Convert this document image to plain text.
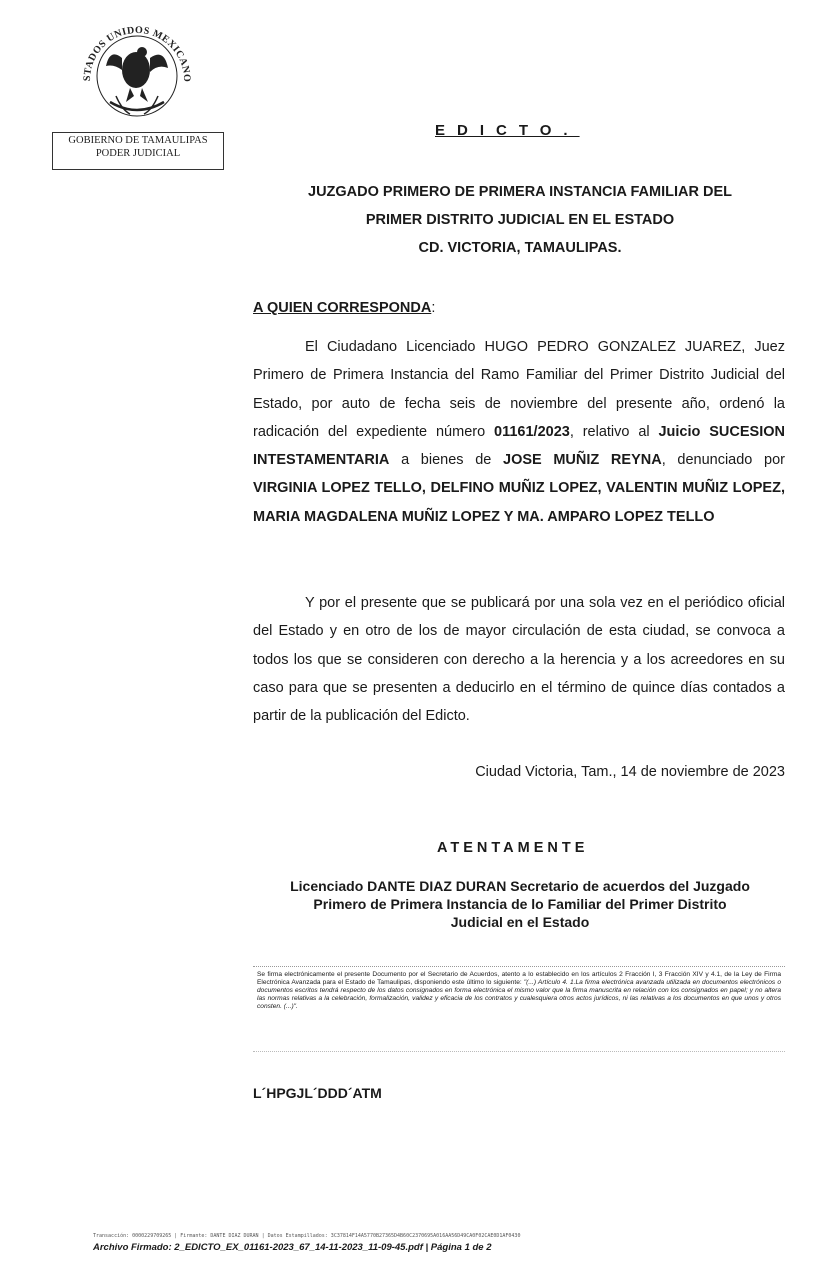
STADOS UNIDOS MEXICANO
GOBIERNO DE TAMAULIPAS
PODER JUDICIAL
EDICTO.
JUZGADO PRIMERO DE PRIMERA INSTANCIA FAMILIAR DEL
PRIMER DISTRITO JUDICIAL EN EL ESTADO
CD. VICTORIA, TAMAULIPAS.
A QUIEN CORRESPONDA:
El Ciudadano Licenciado HUGO PEDRO GONZALEZ JUAREZ, Juez Primero de Primera Instancia del Ramo Familiar del Primer Distrito Judicial del Estado, por auto de fecha seis de noviembre del presente año, ordenó la radicación del expediente número 01161/2023, relativo al Juicio SUCESION INTESTAMENTARIA a bienes de JOSE MUÑIZ REYNA, denunciado por VIRGINIA LOPEZ TELLO, DELFINO MUÑIZ LOPEZ, VALENTIN MUÑIZ LOPEZ, MARIA MAGDALENA MUÑIZ LOPEZ Y MA. AMPARO LOPEZ TELLO
Y por el presente que se publicará por una sola vez en el periódico oficial del Estado y en otro de los de mayor circulación de esta ciudad, se convoca a todos los que se consideren con derecho a la herencia y a los acreedores en su caso para que se presenten a deducirlo en el término de quince días contados a partir de la publicación del Edicto.
Ciudad Victoria, Tam., 14 de noviembre de 2023
ATENTAMENTE
Licenciado DANTE DIAZ DURAN Secretario de acuerdos del Juzgado
Primero de Primera Instancia de lo Familiar del Primer Distrito
Judicial en el Estado

Se firma electrónicamente el presente Documento por el Secretario de Acuerdos, atento a lo establecido en los artículos 2 Fracción I, 3 Fracción XIV y 4.1, de la Ley de Firma Electrónica Avanzada para el Estado de Tamaulipas, disponiendo este último lo siguiente: "(...) Artículo 4. 1.La firma electrónica avanzada utilizada en documentos electrónicos o documentos escritos tendrá respecto de los datos consignados en forma electrónica el mismo valor que la firma manuscrita en relación con los consignados en papel; y no altera las normas relativas a la celebración, formalización, validez y eficacia de los contratos y cualesquiera otros actos jurídicos, ni las relativas a los documentos en que unos y otros consten. (...)".

L´HPGJL´DDD´ATM
Transacción: 0000229709265 | Firmante: DANTE DIAZ DURAN | Datos Estampillados: 3C37814F14A5770B27365D4B60C2370695A016AA56D49CA0F02CAE0D1AF0430
Archivo Firmado: 2_EDICTO_EX_01161-2023_67_14-11-2023_11-09-45.pdf | Página 1 de 2
